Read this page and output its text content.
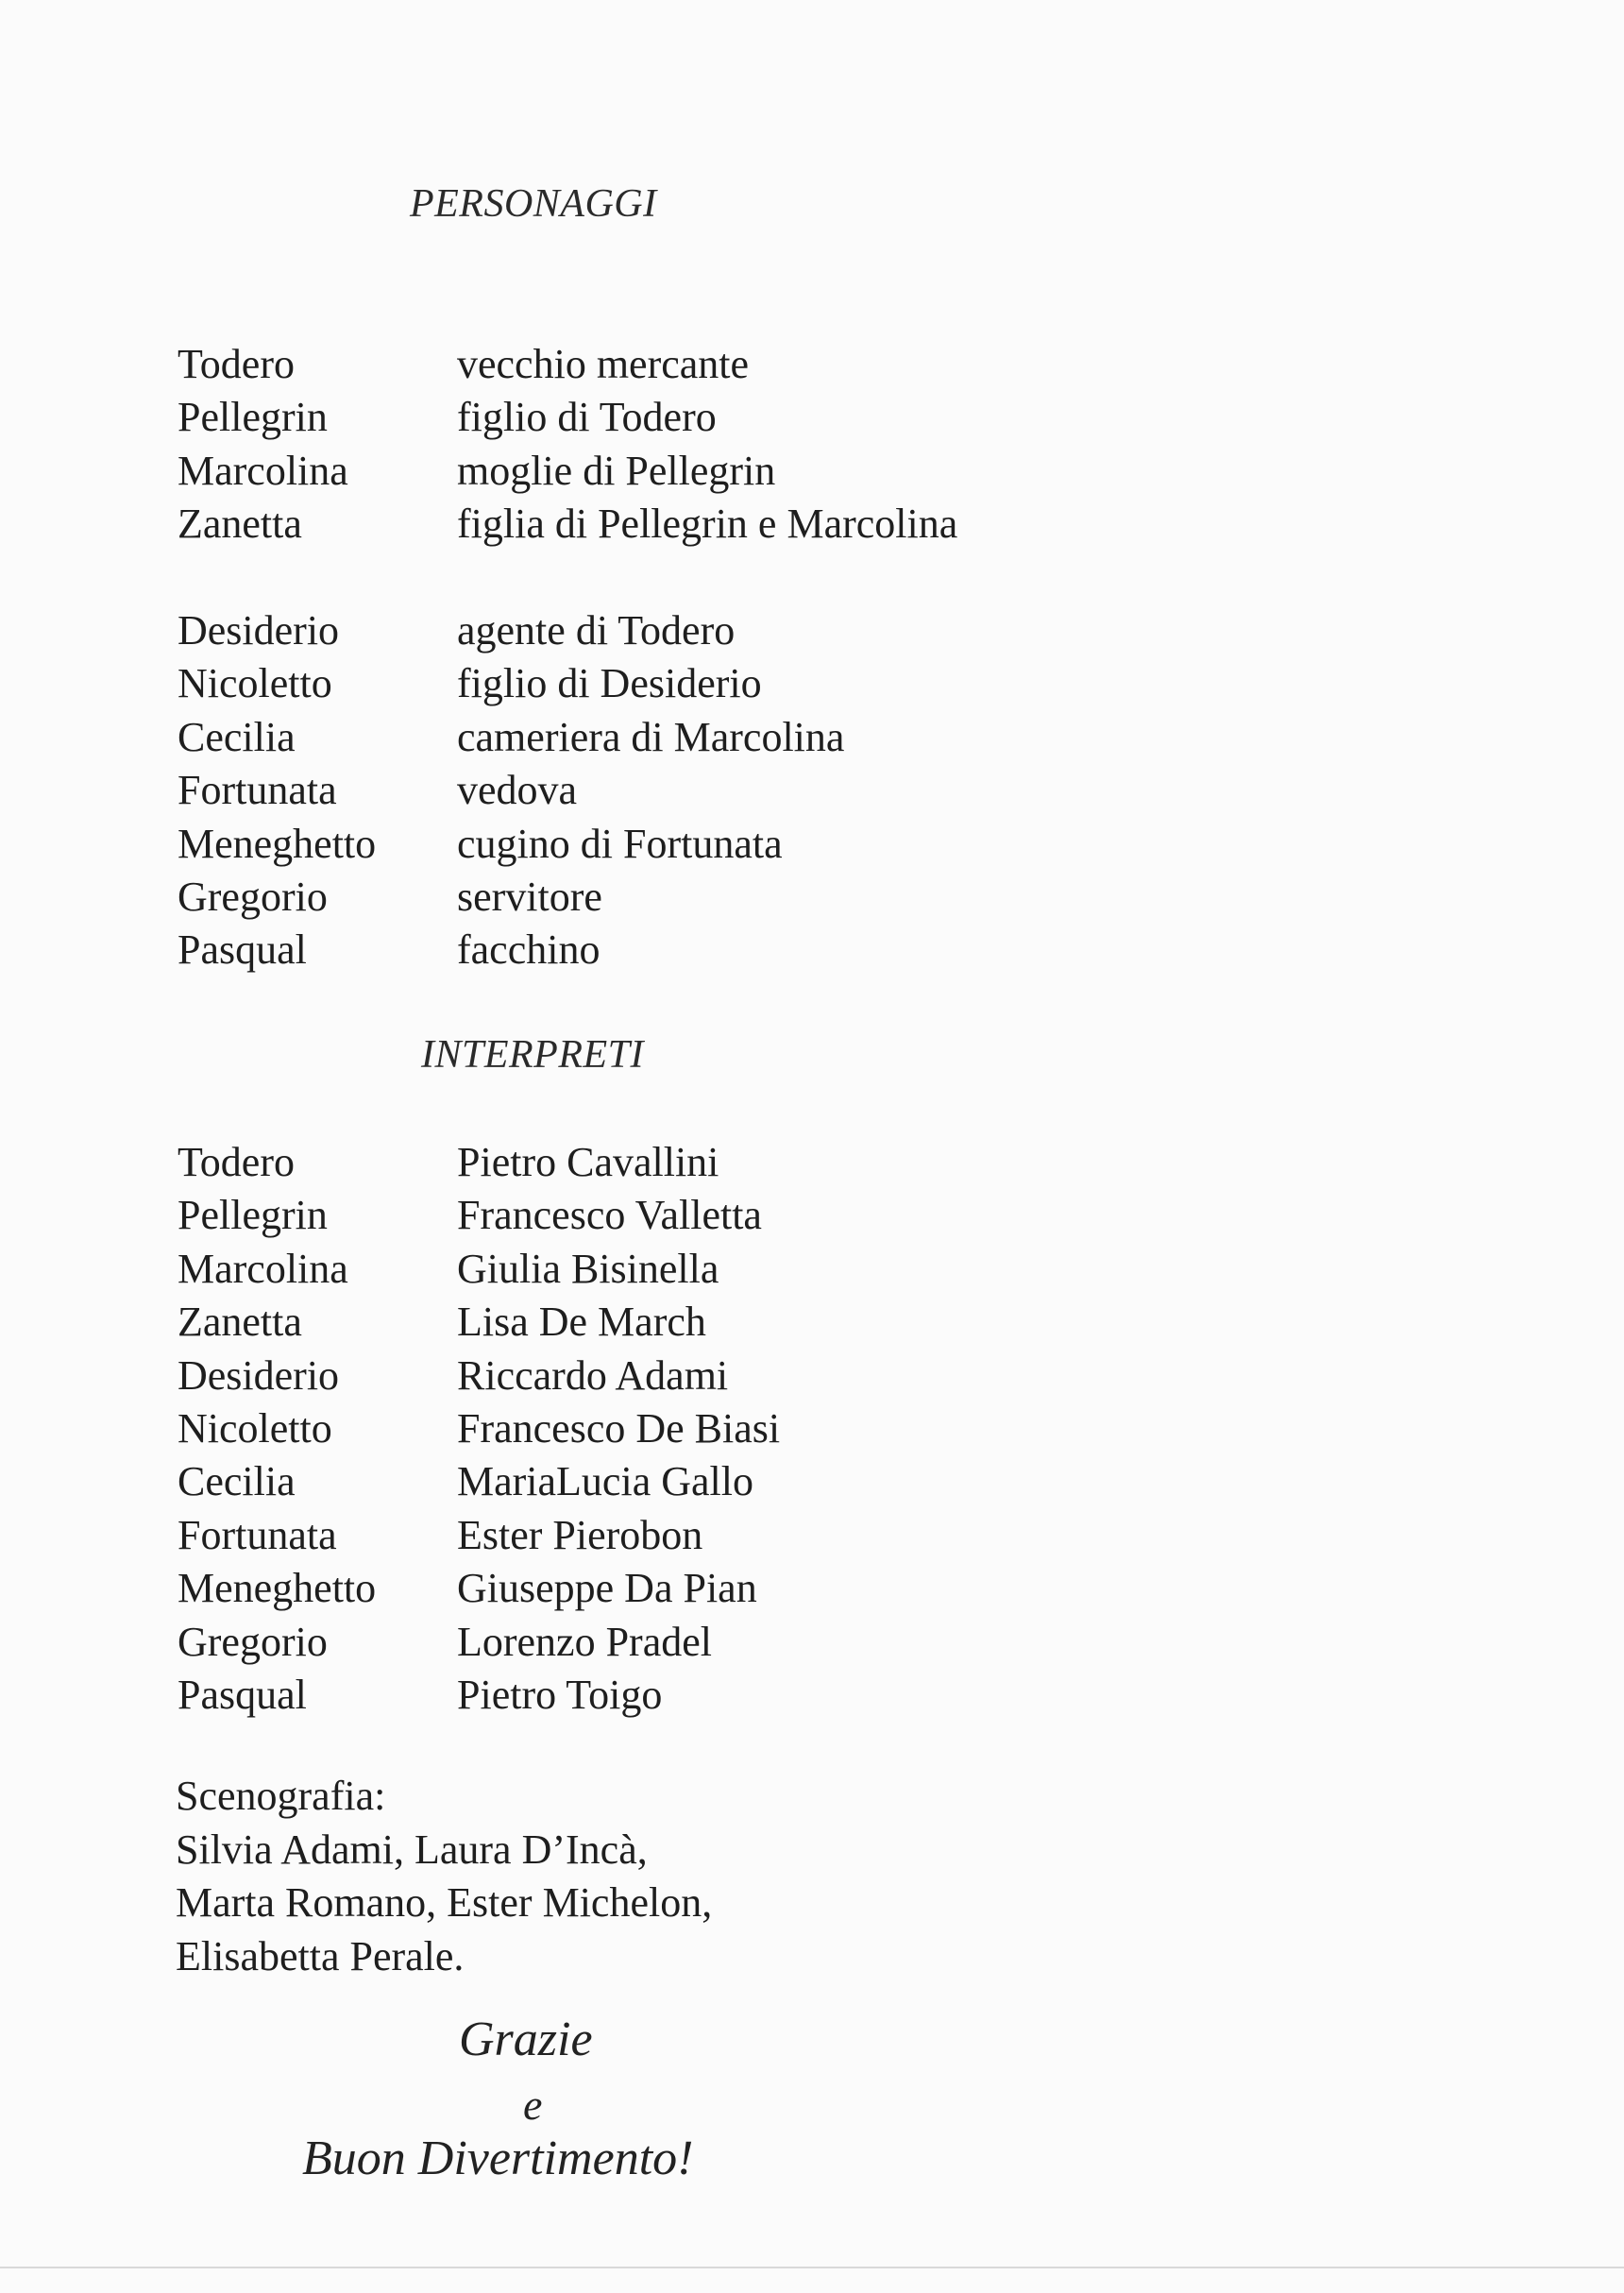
PERSONAGGI
Todero	vecchio mercante
Pellegrin	figlio di Todero
Marcolina	moglie di Pellegrin
Zanetta	figlia di Pellegrin e Marcolina
Desiderio	agente di Todero
Nicoletto	figlio di Desiderio
Cecilia	cameriera di Marcolina
Fortunata	vedova
Meneghetto	cugino di Fortunata
Gregorio	servitore
Pasqual	facchino
INTERPRETI
Todero	Pietro Cavallini
Pellegrin	Francesco Valletta
Marcolina	Giulia Bisinella
Zanetta	Lisa De March
Desiderio	Riccardo Adami
Nicoletto	Francesco De Biasi
Cecilia	MariaLucia Gallo
Fortunata	Ester Pierobon
Meneghetto	Giuseppe Da Pian
Gregorio	Lorenzo Pradel
Pasqual	Pietro Toigo
Scenografia:
Silvia Adami, Laura D’Incà,
Marta Romano, Ester Michelon,
Elisabetta Perale.
Grazie
e
Buon Divertimento!
